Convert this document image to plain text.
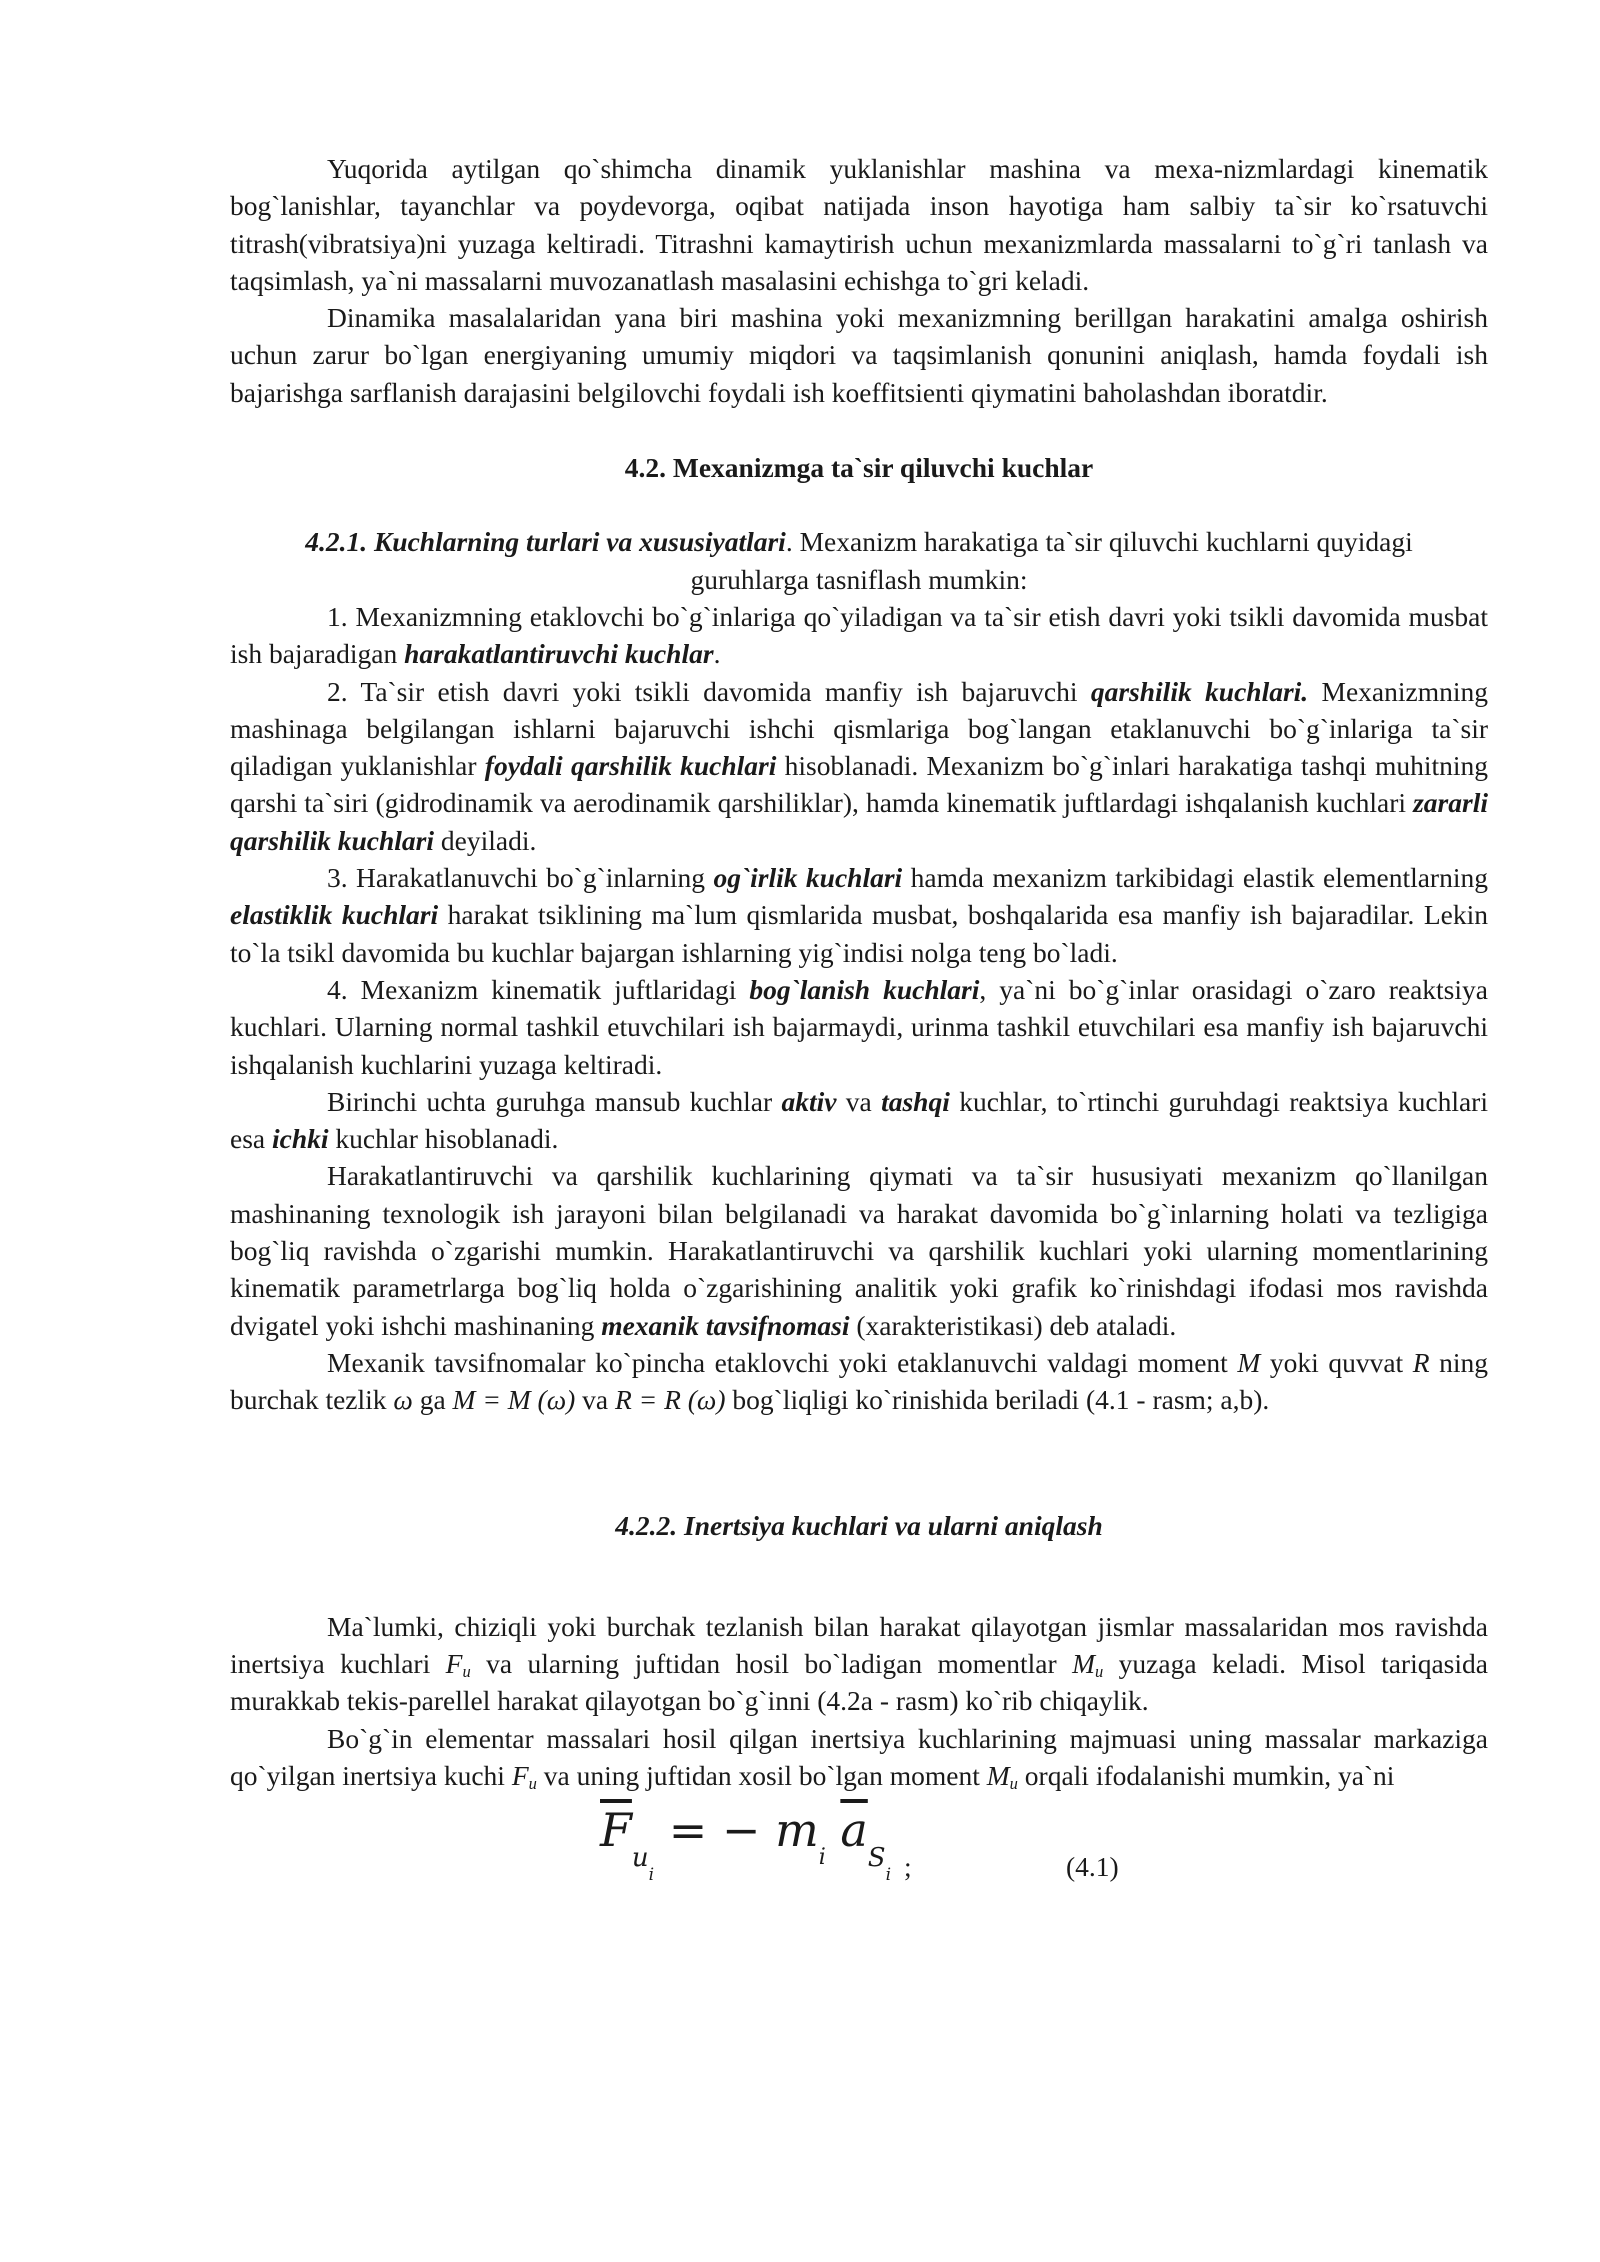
Yuqorida aytilgan qo`shimcha dinamik yuklanishlar mashina va mexa-nizmlardagi kinematik bog`lanishlar, tayanchlar va poydevorga, oqibat natijada inson hayotiga ham salbiy ta`sir ko`rsatuvchi titrash(vibratsiya)ni yuzaga keltiradi. Titrashni kamaytirish uchun mexanizmlarda massalarni to`g`ri tanlash va taqsimlash, ya`ni massalarni muvozanatlash masalasini echishga to`gri keladi.

Dinamika masalalaridan yana biri mashina yoki mexanizmning berillgan harakatini amalga oshirish uchun zarur bo`lgan energiyaning umumiy miqdori va taqsimlanish qonunini aniqlash, hamda foydali ish bajarishga sarflanish darajasini belgilovchi foydali ish koeffitsienti qiymatini baholashdan iboratdir.

4.2. Mexanizmga ta`sir qiluvchi kuchlar

4.2.1. Kuchlarning turlari va xususiyatlari. Mexanizm harakatiga ta`sir qiluvchi kuchlarni quyidagi guruhlarga tasniflash mumkin:

1. Mexanizmning etaklovchi bo`g`inlariga qo`yiladigan va ta`sir etish davri yoki tsikli davomida musbat ish bajaradigan harakatlantiruvchi kuchlar.

2. Ta`sir etish davri yoki tsikli davomida manfiy ish bajaruvchi qarshilik kuchlari. Mexanizmning mashinaga belgilangan ishlarni bajaruvchi ishchi qismlariga bog`langan etaklanuvchi bo`g`inlariga ta`sir qiladigan yuklanishlar foydali qarshilik kuchlari hisoblanadi. Mexanizm bo`g`inlari harakatiga tashqi muhitning qarshi ta`siri (gidrodinamik va aerodinamik qarshiliklar), hamda kinematik juftlardagi ishqalanish kuchlari zararli qarshilik kuchlari deyiladi.

3. Harakatlanuvchi bo`g`inlarning og`irlik kuchlari hamda mexanizm tarkibidagi elastik elementlarning elastiklik kuchlari harakat tsiklining ma`lum qismlarida musbat, boshqalarida esa manfiy ish bajaradilar. Lekin to`la tsikl davomida bu kuchlar bajargan ishlarning yig`indisi nolga teng bo`ladi.

4. Mexanizm kinematik juftlaridagi bog`lanish kuchlari, ya`ni bo`g`inlar orasidagi o`zaro reaktsiya kuchlari. Ularning normal tashkil etuvchilari ish bajarmaydi, urinma tashkil etuvchilari esa manfiy ish bajaruvchi ishqalanish kuchlarini yuzaga keltiradi.

Birinchi uchta guruhga mansub kuchlar aktiv va tashqi kuchlar, to`rtinchi guruhdagi reaktsiya kuchlari esa ichki kuchlar hisoblanadi.

Harakatlantiruvchi va qarshilik kuchlarining qiymati va ta`sir hususiyati mexanizm qo`llanilgan mashinaning texnologik ish jarayoni bilan belgilanadi va harakat davomida bo`g`inlarning holati va tezligiga bog`liq ravishda o`zgarishi mumkin. Harakatlantiruvchi va qarshilik kuchlari yoki ularning momentlarining kinematik parametrlarga bog`liq holda o`zgarishining analitik yoki grafik ko`rinishdagi ifodasi mos ravishda dvigatel yoki ishchi mashinaning mexanik tavsifnomasi (xarakteristikasi) deb ataladi.

Mexanik tavsifnomalar ko`pincha etaklovchi yoki etaklanuvchi valdagi moment M yoki quvvat R ning burchak tezlik ω ga M = M (ω) va R = R (ω) bog`liqligi ko`rinishida beriladi (4.1 - rasm; a,b).

4.2.2. Inertsiya kuchlari va ularni aniqlash

Ma`lumki, chiziqli yoki burchak tezlanish bilan harakat qilayotgan jismlar massalaridan mos ravishda inertsiya kuchlari $F_u$ va ularning juftidan hosil bo`ladigan momentlar $M_u$ yuzaga keladi. Misol tariqasida murakkab tekis-parellel harakat qilayotgan bo`g`inni (4.2a - rasm) ko`rib chiqaylik.

Bo`g`in elementar massalari hosil qilgan inertsiya kuchlarining majmuasi uning massalar markaziga qo`yilgan inertsiya kuchi $F_u$ va uning juftidan xosil bo`lgan moment $M_u$ orqali ifodalanishi mumkin, ya`ni

$\overline{F}_{ui}$ = − $m_i$ $\overline{a}_{Si}$ ;	(4.1)
